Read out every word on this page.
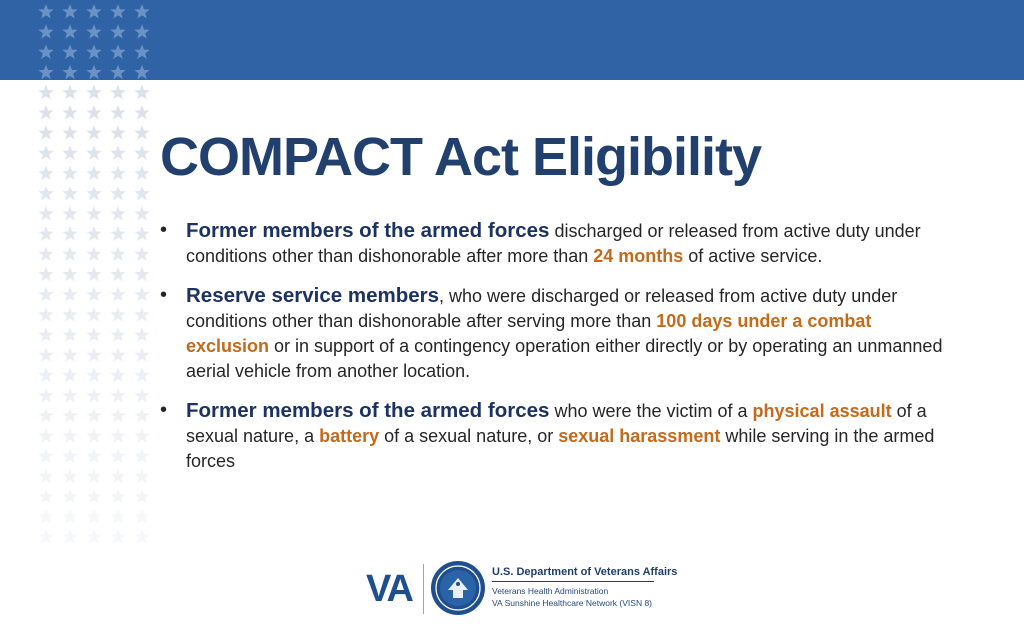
COMPACT Act Eligibility
• Former members of the armed forces discharged or released from active duty under conditions other than dishonorable after more than 24 months of active service.
• Reserve service members, who were discharged or released from active duty under conditions other than dishonorable after serving more than 100 days under a combat exclusion or in support of a contingency operation either directly or by operating an unmanned aerial vehicle from another location.
• Former members of the armed forces who were the victim of a physical assault of a sexual nature, a battery of a sexual nature, or sexual harassment while serving in the armed forces
VA	U.S. Department of Veterans Affairs
Veterans Health Administration
VA Sunshine Healthcare Network (VISN 8)
